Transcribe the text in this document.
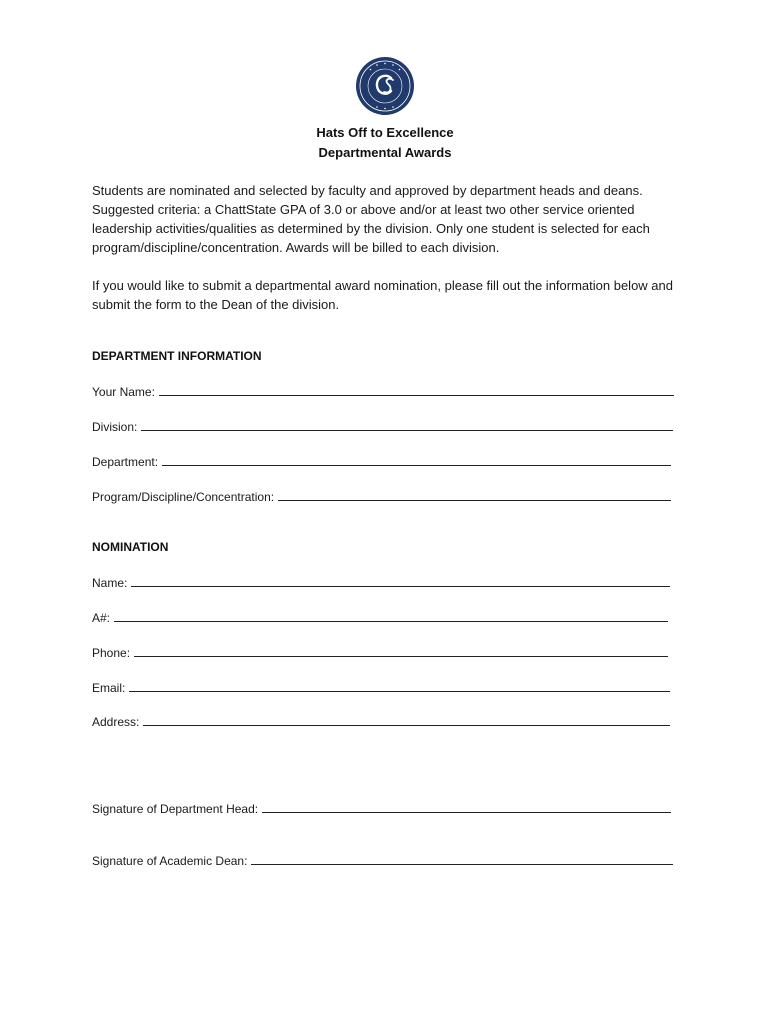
Hats Off to Excellence
Departmental Awards
Students are nominated and selected by faculty and approved by department heads and deans. Suggested criteria: a ChattState GPA of 3.0 or above and/or at least two other service oriented leadership activities/qualities as determined by the division. Only one student is selected for each program/discipline/concentration. Awards will be billed to each division.
If you would like to submit a departmental award nomination, please fill out the information below and submit the form to the Dean of the division.
DEPARTMENT INFORMATION
Your Name:
Division:
Department:
Program/Discipline/Concentration:
NOMINATION
Name:
A#:
Phone:
Email:
Address:
Signature of Department Head:
Signature of Academic Dean:
